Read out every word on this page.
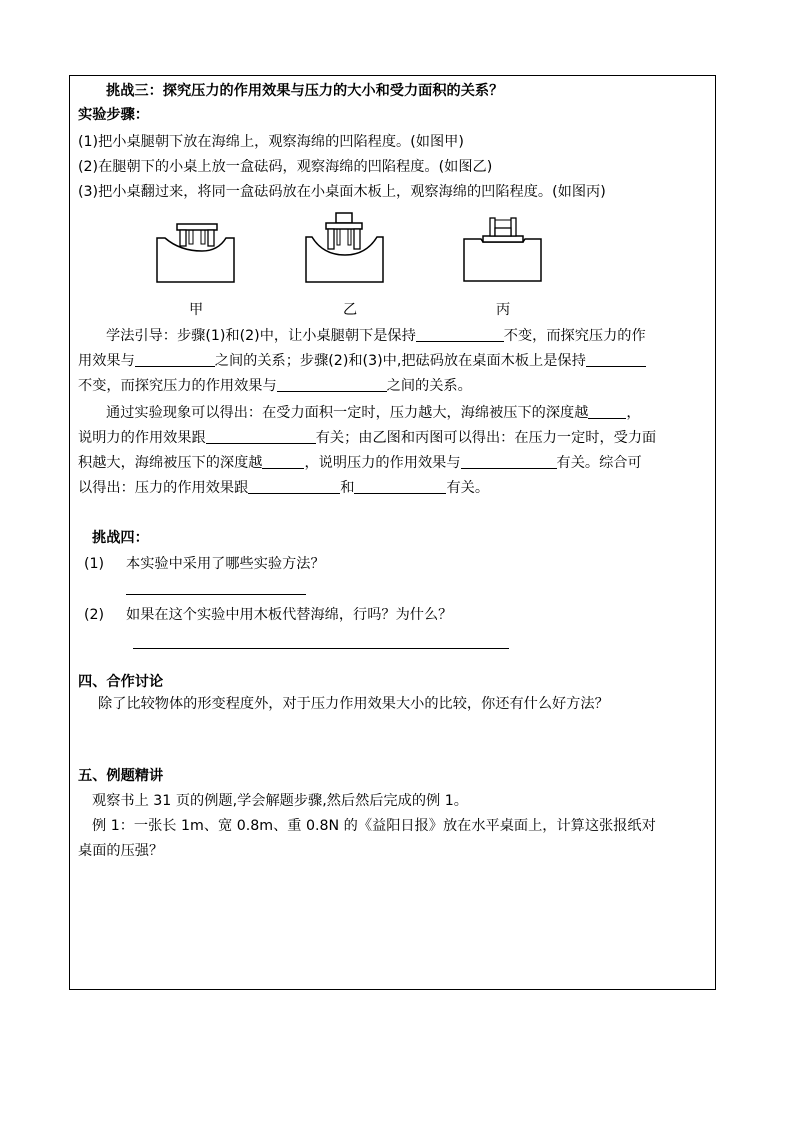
挑战三：探究压力的作用效果与压力的大小和受力面积的关系？
实验步骤：
(1)把小桌腿朝下放在海绵上，观察海绵的凹陷程度。(如图甲)
(2)在腿朝下的小桌上放一盒砝码，观察海绵的凹陷程度。(如图乙)
(3)把小桌翻过来，将同一盒砝码放在小桌面木板上，观察海绵的凹陷程度。(如图丙)
甲	乙	丙
学法引导：步骤(1)和(2)中，让小桌腿朝下是保持	不变，而探究压力的作
用效果与	之间的关系；步骤(2)和(3)中,把砝码放在桌面木板上是保持
不变，而探究压力的作用效果与	之间的关系。
通过实验现象可以得出：在受力面积一定时，压力越大，海绵被压下的深度越	，
说明力的作用效果跟	有关；由乙图和丙图可以得出：在压力一定时，受力面
积越大，海绵被压下的深度越	，说明压力的作用效果与	有关。综合可
以得出：压力的作用效果跟	和	有关。
挑战四：
(1) 本实验中采用了哪些实验方法？
(2) 如果在这个实验中用木板代替海绵，行吗？为什么？
四、合作讨论
除了比较物体的形变程度外，对于压力作用效果大小的比较，你还有什么好方法？
五、例题精讲
观察书上 31 页的例题,学会解题步骤,然后然后完成的例 1。
例 1：一张长 1m、宽 0.8m、重 0.8N 的《益阳日报》放在水平桌面上，计算这张报纸对
桌面的压强？
